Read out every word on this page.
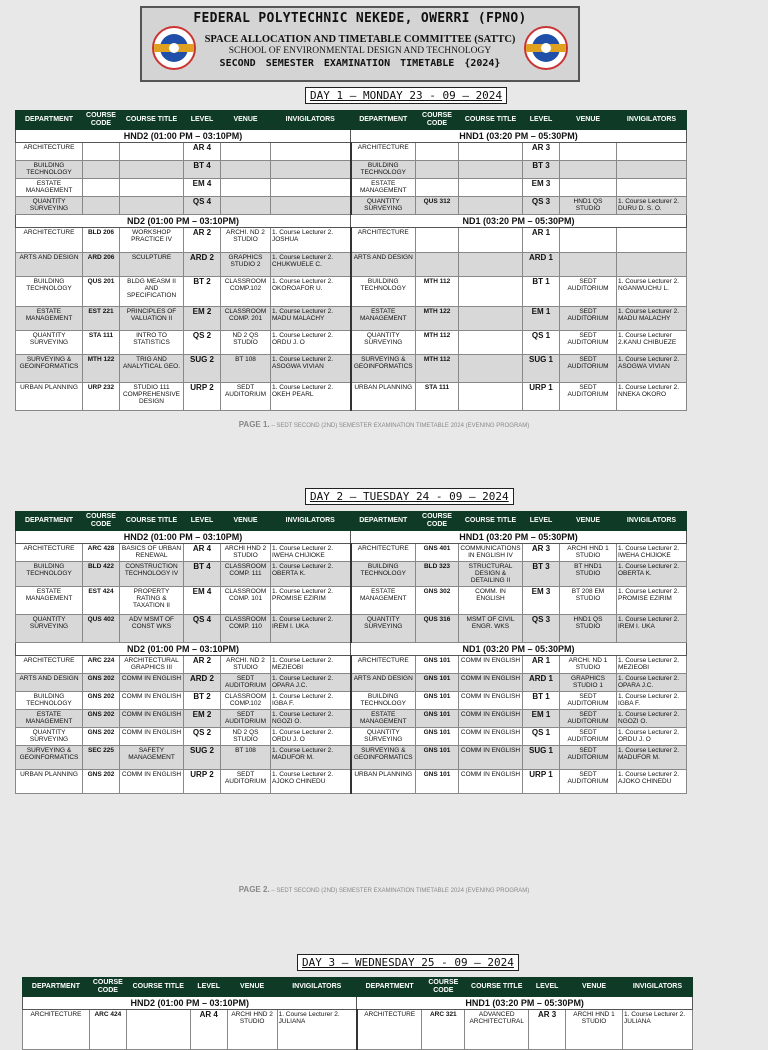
FEDERAL POLYTECHNIC NEKEDE, OWERRI (FPNO)
SPACE ALLOCATION AND TIMETABLE COMMITTEE (SATTC)
SCHOOL OF ENVIRONMENTAL DESIGN AND TECHNOLOGY
SECOND SEMESTER EXAMINATION TIMETABLE {2024}
DAY 1 – MONDAY 23 - 09 – 2024
DEPARTMENT	COURSE CODE	COURSE TITLE	LEVEL	VENUE	INVIGILATORS	DEPARTMENT	COURSE CODE	COURSE TITLE	LEVEL	VENUE	INVIGILATORS
HND2 (01:00 PM – 03:10PM)						HND1 (03:20 PM – 05:30PM)					
ARCHITECTURE			AR 4			ARCHITECTURE			AR 3		
BUILDING TECHNOLOGY			BT 4			BUILDING TECHNOLOGY			BT 3		
ESTATE MANAGEMENT			EM 4			ESTATE MANAGEMENT			EM 3		
QUANTITY SURVEYING			QS 4			QUANTITY SURVEYING	QUS 312		QS 3	HND1 QS STUDIO	1. Course Lecturer 2. DURU D. S. O.
ND2 (01:00 PM – 03:10PM)						ND1 (03:20 PM – 05:30PM)					
ARCHITECTURE	BLD 206	WORKSHOP PRACTICE IV	AR 2	ARCHI. ND 2 STUDIO	1. Course Lecturer 2. JOSHUA	ARCHITECTURE			AR 1		
ARTS AND DESIGN	ARD 206	SCULPTURE	ARD 2	GRAPHICS STUDIO 2	1. Course Lecturer 2. CHUKWUELE C.	ARTS AND DESIGN			ARD 1		
BUILDING TECHNOLOGY	QUS 201	BLDG MEASM II AND SPECIFICATION	BT 2	CLASSROOM COMP.102	1. Course Lecturer 2. OKOROAFOR U.	BUILDING TECHNOLOGY	MTH 112		BT 1	SEDT AUDITORIUM	1. Course Lecturer 2. NGANWUCHU L.
ESTATE MANAGEMENT	EST 221	PRINCIPLES OF VALUATION II	EM 2	CLASSROOM COMP. 201	1. Course Lecturer 2. MADU MALACHY	ESTATE MANAGEMENT	MTH 122		EM 1	SEDT AUDITORIUM	1. Course Lecturer 2. MADU MALACHY
QUANTITY SURVEYING	STA 111	INTRO TO STATISTICS	QS 2	ND 2 QS STUDIO	1. Course Lecturer 2. ORDU J. O	QUANTITY SURVEYING	MTH 112		QS 1	SEDT AUDITORIUM	1. Course Lecturer 2.KANU CHIBUEZE
SURVEYING & GEOINFORMATICS	MTH 122	TRIG AND ANALYTICAL GEO.	SUG 2	BT 108	1. Course Lecturer 2. ASOGWA VIVIAN	SURVEYING & GEOINFORMATICS	MTH 112		SUG 1	SEDT AUDITORIUM	1. Course Lecturer 2. ASOGWA VIVIAN
URBAN PLANNING	URP 232	STUDIO 111 COMPREHENSIVE DESIGN	URP 2	SEDT AUDITORIUM	1. Course Lecturer 2. OKEH PEARL	URBAN PLANNING	STA 111		URP 1	SEDT AUDITORIUM	1. Course Lecturer 2. NNEKA OKORO
PAGE 1. – SEDT SECOND (2ND) SEMESTER EXAMINATION TIMETABLE 2024 (EVENING PROGRAM)
DAY 2 – TUESDAY 24 - 09 – 2024
DEPARTMENT	COURSE CODE	COURSE TITLE	LEVEL	VENUE	INVIGILATORS	DEPARTMENT	COURSE CODE	COURSE TITLE	LEVEL	VENUE	INVIGILATORS
HND2 (01:00 PM – 03:10PM)						HND1 (03:20 PM – 05:30PM)					
ARCHITECTURE	ARC 428	BASICS OF URBAN RENEWAL	AR 4	ARCHI HND 2 STUDIO	1. Course Lecturer 2. IWEHA CHIJIOKE	ARCHITECTURE	GNS 401	COMMUNICATIONS IN ENGLISH IV	AR 3	ARCHI HND 1 STUDIO	1. Course Lecturer 2. IWEHA CHIJIOKE
BUILDING TECHNOLOGY	BLD 422	CONSTRUCTION TECHNOLOGY IV	BT 4	CLASSROOM COMP. 111	1. Course Lecturer 2. OBERTA K.	BUILDING TECHNOLOGY	BLD 323	STRUCTURAL DESIGN & DETAILING II	BT 3	BT HND1 STUDIO	1. Course Lecturer 2. OBERTA K.
ESTATE MANAGEMENT	EST 424	PROPERTY RATING & TAXATION II	EM 4	CLASSROOM COMP. 101	1. Course Lecturer 2. PROMISE EZIRIM	ESTATE MANAGEMENT	GNS 302	COMM. IN ENGLISH	EM 3	BT 208 EM STUDIO	1. Course Lecturer 2. PROMISE EZIRIM
QUANTITY SURVEYING	QUS 402	ADV MSMT OF CONST WKS	QS 4	CLASSROOM COMP. 110	1. Course Lecturer 2. IREM I. UKA	QUANTITY SURVEYING	QUS 316	MSMT OF CIVIL ENGR. WKS	QS 3	HND1 QS STUDIO	1. Course Lecturer 2. IREM I. UKA
ND2 (01:00 PM – 03:10PM)						ND1 (03:20 PM – 05:30PM)					
ARCHITECTURE	ARC 224	ARCHITECTURAL GRAPHICS III	AR 2	ARCHI. ND 2 STUDIO	1. Course Lecturer 2. MEZIEOBI	ARCHITECTURE	GNS 101	COMM IN ENGLISH	AR 1	ARCHI. ND 1 STUDIO	1. Course Lecturer 2. MEZIEOBI
ARTS AND DESIGN	GNS 202	COMM IN ENGLISH	ARD 2	SEDT AUDITORIUM	1. Course Lecturer 2. OPARA J.C.	ARTS AND DESIGN	GNS 101	COMM IN ENGLISH	ARD 1	GRAPHICS STUDIO 1	1. Course Lecturer 2. OPARA J.C.
BUILDING TECHNOLOGY	GNS 202	COMM IN ENGLISH	BT 2	CLASSROOM COMP.102	1. Course Lecturer 2. IGBA F.	BUILDING TECHNOLOGY	GNS 101	COMM IN ENGLISH	BT 1	SEDT AUDITORIUM	1. Course Lecturer 2. IGBA F.
ESTATE MANAGEMENT	GNS 202	COMM IN ENGLISH	EM 2	SEDT AUDITORIUM	1. Course Lecturer 2. NGOZI O.	ESTATE MANAGEMENT	GNS 101	COMM IN ENGLISH	EM 1	SEDT AUDITORIUM	1. Course Lecturer 2. NGOZI O.
QUANTITY SURVEYING	GNS 202	COMM IN ENGLISH	QS 2	ND 2 QS STUDIO	1. Course Lecturer 2. ORDU J. O	QUANTITY SURVEYING	GNS 101	COMM IN ENGLISH	QS 1	SEDT AUDITORIUM	1. Course Lecturer 2. ORDU J. O
SURVEYING & GEOINFORMATICS	SEC 225	SAFETY MANAGEMENT	SUG 2	BT 108	1. Course Lecturer 2. MADUFOR M.	SURVEYING & GEOINFORMATICS	GNS 101	COMM IN ENGLISH	SUG 1	SEDT AUDITORIUM	1. Course Lecturer 2. MADUFOR M.
URBAN PLANNING	GNS 202	COMM IN ENGLISH	URP 2	SEDT AUDITORIUM	1. Course Lecturer 2. AJOKO CHINEDU	URBAN PLANNING	GNS 101	COMM IN ENGLISH	URP 1	SEDT AUDITORIUM	1. Course Lecturer 2. AJOKO CHINEDU
PAGE 2. – SEDT SECOND (2ND) SEMESTER EXAMINATION TIMETABLE 2024 (EVENING PROGRAM)
DAY 3 – WEDNESDAY 25 - 09 – 2024
DEPARTMENT	COURSE CODE	COURSE TITLE	LEVEL	VENUE	INVIGILATORS	DEPARTMENT	COURSE CODE	COURSE TITLE	LEVEL	VENUE	INVIGILATORS
HND2 (01:00 PM – 03:10PM)						HND1 (03:20 PM – 05:30PM)					
ARCHITECTURE	ARC 424		AR 4	ARCHI HND 2 STUDIO	1. Course Lecturer 2. JULIANA	ARCHITECTURE	ARC 321	ADVANCED ARCHITECTURAL	AR 3	ARCHI HND 1 STUDIO	1. Course Lecturer 2. JULIANA
